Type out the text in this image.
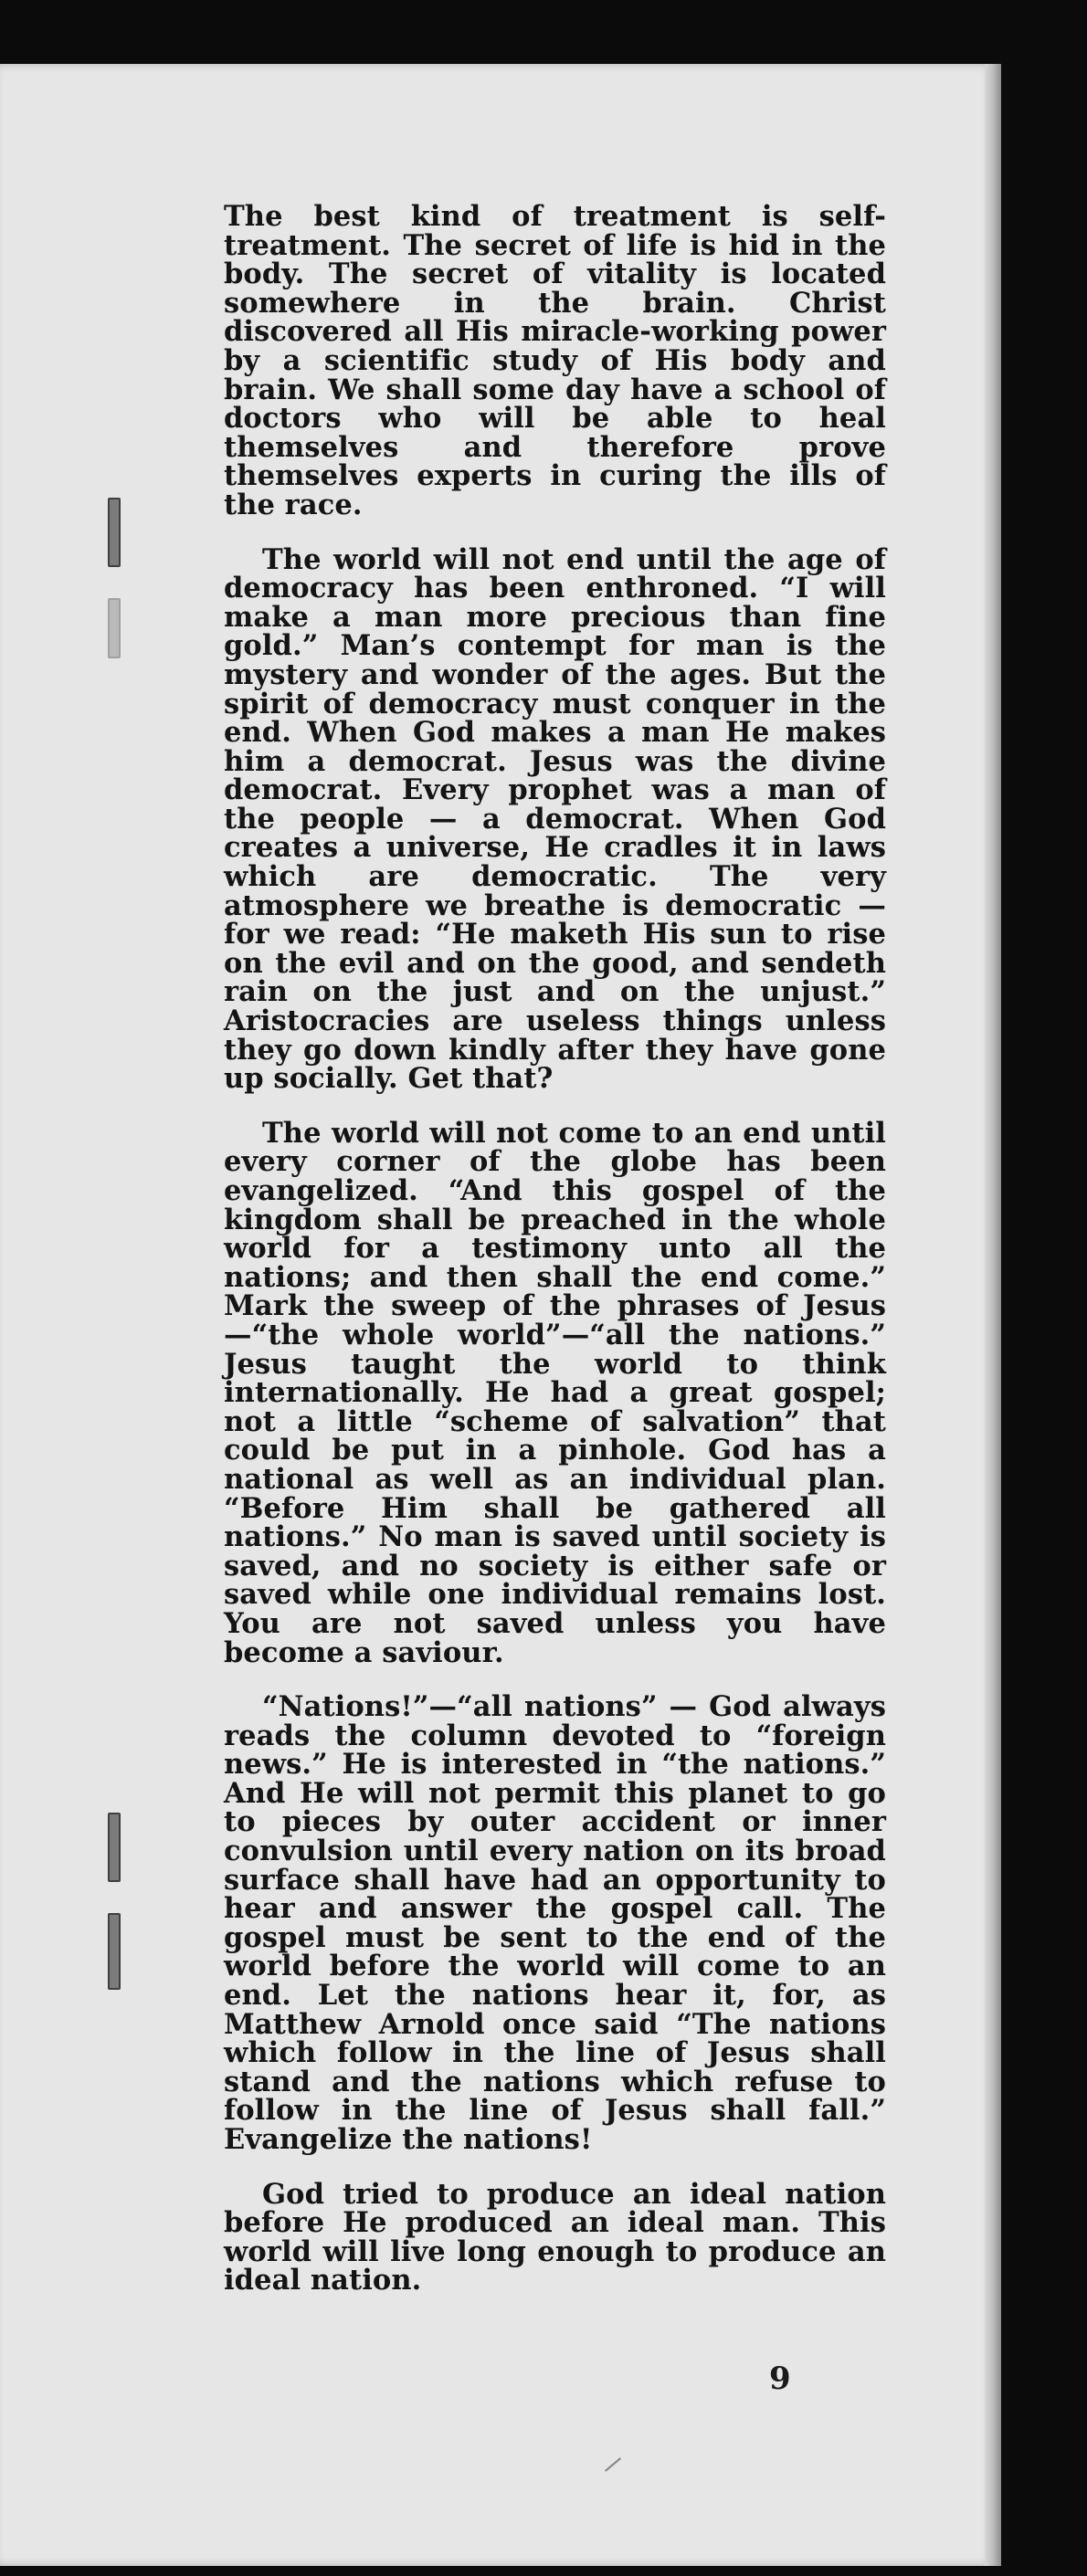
The best kind of treatment is self-treatment. The secret of life is hid in the body. The secret of vitality is located somewhere in the brain. Christ discovered all His miracle-working power by a scientific study of His body and brain. We shall some day have a school of doctors who will be able to heal themselves and therefore prove themselves experts in curing the ills of the race.

The world will not end until the age of democracy has been enthroned. “I will make a man more precious than fine gold.” Man’s contempt for man is the mystery and wonder of the ages. But the spirit of democracy must conquer in the end. When God makes a man He makes him a democrat. Jesus was the divine democrat. Every prophet was a man of the people — a democrat. When God creates a universe, He cradles it in laws which are democratic. The very atmosphere we breathe is democratic — for we read: “He maketh His sun to rise on the evil and on the good, and sendeth rain on the just and on the unjust.” Aristocracies are useless things unless they go down kindly after they have gone up socially. Get that?

The world will not come to an end until every corner of the globe has been evangelized. “And this gospel of the kingdom shall be preached in the whole world for a testimony unto all the nations; and then shall the end come.” Mark the sweep of the phrases of Jesus—“the whole world”—“all the nations.” Jesus taught the world to think internationally. He had a great gospel; not a little “scheme of salvation” that could be put in a pinhole. God has a national as well as an individual plan. “Before Him shall be gathered all nations.” No man is saved until society is saved, and no society is either safe or saved while one individual remains lost. You are not saved unless you have become a saviour.

“Nations!”—“all nations” — God always reads the column devoted to “foreign news.” He is interested in “the nations.” And He will not permit this planet to go to pieces by outer accident or inner convulsion until every nation on its broad surface shall have had an opportunity to hear and answer the gospel call. The gospel must be sent to the end of the world before the world will come to an end. Let the nations hear it, for, as Matthew Arnold once said “The nations which follow in the line of Jesus shall stand and the nations which refuse to follow in the line of Jesus shall fall.” Evangelize the nations!

God tried to produce an ideal nation before He produced an ideal man. This world will live long enough to produce an ideal nation.

9
